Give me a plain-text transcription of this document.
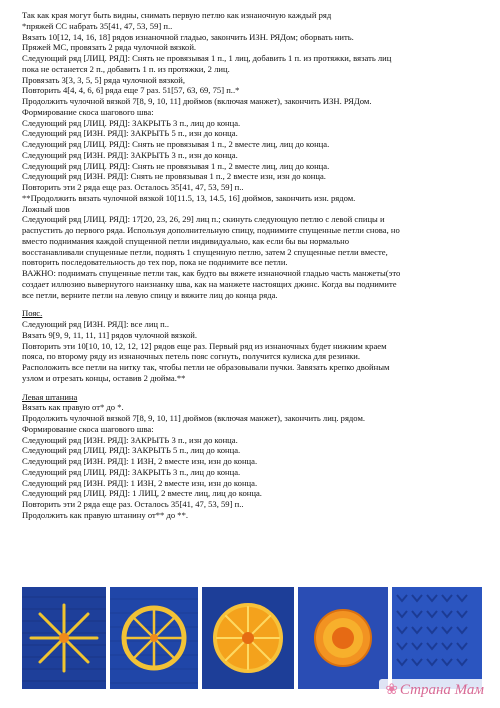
Так как края могут быть видны, снимать первую петлю как изнаночную каждый ряд
*пряжей СС набрать 35[41, 47, 53, 59] п..
Вязать 10[12, 14, 16, 18] рядов изнаночной гладью, закончить ИЗН. РЯДом; оборвать нить.
Пряжей МС, провязать 2 ряда чулочной вязкой.
Следующий ряд [ЛИЦ. РЯД]: Снять не провязывая 1 п., 1 лиц, добавить 1 п. из протяжки, вязать лиц
пока не останется 2 п., добавить 1 п. из протяжки, 2 лиц.
Провязать 3[3, 3, 5, 5] ряда чулочной вязкой,
Повторить 4[4, 4, 6, 6] ряда еще 7 раз. 51[57, 63, 69, 75] п..*
Продолжить чулочной вязкой 7[8, 9, 10, 11] дюймов (включая манжет), закончить ИЗН. РЯДом.
Формирование скоса шагового шва:
Следующий ряд [ЛИЦ. РЯД]: ЗАКРЫТЬ 3 п., лиц до конца.
Следующий ряд [ИЗН. РЯД]: ЗАКРЫТЬ 5 п., изн до конца.
Следующий ряд [ЛИЦ. РЯД]: Снять не провязывая 1 п., 2 вместе лиц, лиц до конца.
Следующий ряд [ИЗН. РЯД]: ЗАКРЫТЬ 3 п., изн до конца.
Следующий ряд [ЛИЦ. РЯД]: Снять не провязывая 1 п., 2 вместе лиц, лиц до конца.
Следующий ряд [ИЗН. РЯД]: Снять не провязывая 1 п., 2 вместе изн, изн до конца.
Повторить эти 2 ряда еще раз. Осталось 35[41, 47, 53, 59] п..
**Продолжить вязать чулочной вязкой 10[11.5, 13, 14.5, 16] дюймов, закончить изн. рядом.
Ложный шов
Следующий ряд [ЛИЦ. РЯД]: 17[20, 23, 26, 29] лиц п.; скинуть следующую петлю с левой спицы и
распустить до первого ряда. Используя дополнительную спицу, поднимите спущенные петли снова, но
вместо поднимания каждой спущенной петли индивидуально, как если бы вы нормально
восстанавливали спущенные петли, поднять 1 спущенную петлю, затем 2 спущенные петли вместе,
повторить последовательность до тех пор, пока не поднимите все петли.
ВАЖНО: поднимать спущенные петли так, как будто вы вяжете изнаночной гладью часть манжеты(это
создает иллюзию вывернутого наизнанку шва, как на манжете настоящих джинс. Когда вы поднимите
все петли, верните петли на левую спицу и вяжите лиц до конца ряда.
Пояс.
Следующий ряд [ИЗН. РЯД]: все лиц п..
Вязать 9[9, 9, 11, 11, 11] рядов чулочной вязкой.
Повторить эти 10[10, 10, 12, 12, 12] рядов еще раз. Первый ряд из изнаночных будет нижним краем
пояса, по второму ряду из изнаночных петель пояс согнуть, получится кулиска для резинки.
Расположить все петли на нитку так, чтобы петли не образовывали пучки. Завязать крепко двойным
узлом и отрезать концы, оставив 2 дюйма.**
Левая штанина
Вязать как правую от* до *.
Продолжить чулочной вязкой 7[8, 9, 10, 11] дюймов (включая манжет), закончить лиц. рядом.
Формирование скоса шагового шва:
Следующий ряд [ИЗН. РЯД]: ЗАКРЫТЬ 3 п., изн до конца.
Следующий ряд [ЛИЦ. РЯД]: ЗАКРЫТЬ 5 п., лиц до конца.
Следующий ряд [ИЗН. РЯД]: 1 ИЗН, 2 вместе изн, изн до конца.
Следующий ряд [ЛИЦ. РЯД]: ЗАКРЫТЬ 3 п., лиц до конца.
Следующий ряд [ИЗН. РЯД]: 1 ИЗН, 2 вместе изн, изн до конца.
Следующий ряд [ЛИЦ. РЯД]: 1 ЛИЦ, 2 вместе лиц, лиц до конца.
Повторить эти 2 ряда еще раз. Осталось 35[41, 47, 53, 59] п..
Продолжить как правую штанину от** до **.
❀ Страна Мам
